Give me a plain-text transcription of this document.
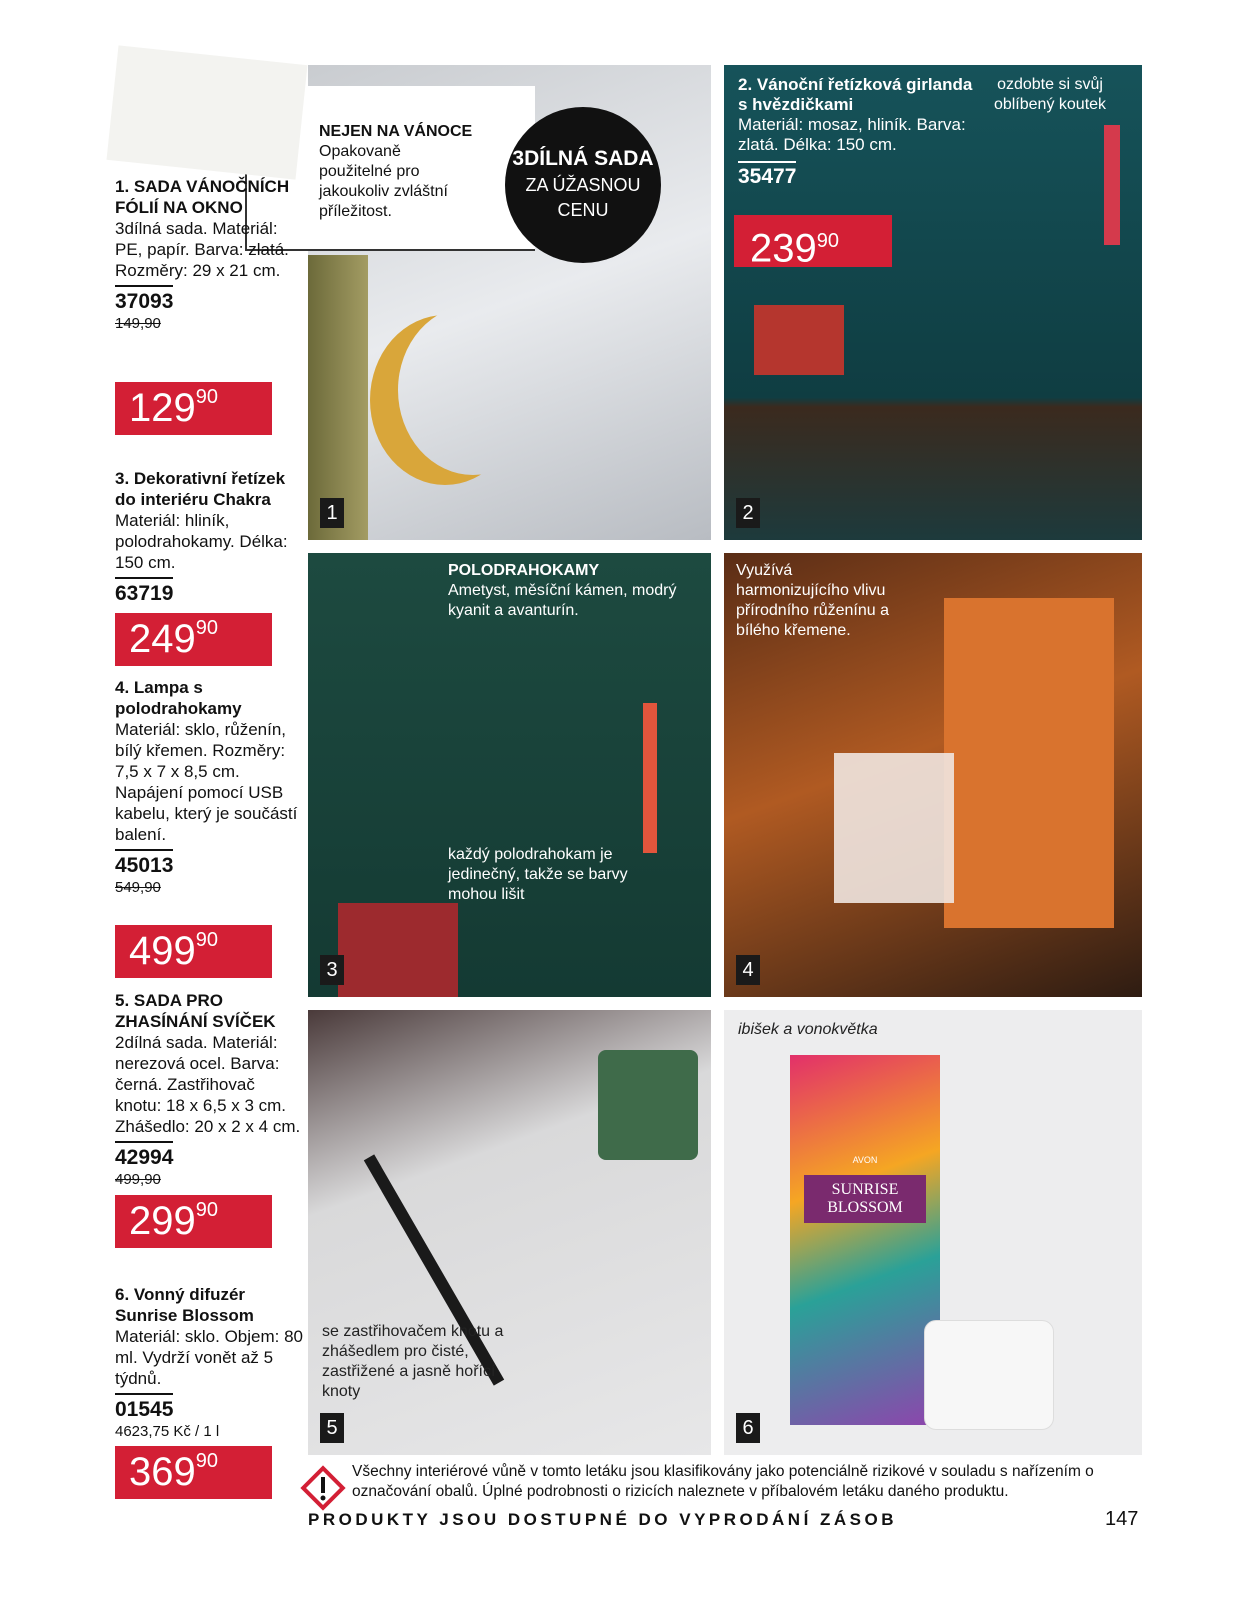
1
2. Vánoční řetízková girlanda s hvězdičkami
Materiál: mosaz, hliník. Barva: zlatá. Délka: 150 cm.
35477
$239^{90}$
ozdobte si svůj oblíbený koutek
2
POLODRAHOKAMY
Ametyst, měsíční kámen, modrý kyanit a avanturín.
každý polodrahokam je jedinečný, takže se barvy mohou lišit
3
Využívá harmonizujícího vlivu přírodního růženínu a bílého křemene.
4
se zastřihovačem knotu a zhášedlem pro čisté, zastřižené a jasně hořící knoty
5
ibišek a vonokvětka
AVON
SUNRISE BLOSSOM
6
NEJEN NA VÁNOCE
Opakovaně použitelné pro jakoukoliv zvláštní příležitost.
3DÍLNÁ SADA
ZA ÚŽASNOU
CENU
1. SADA VÁNOČNÍCH FÓLIÍ NA OKNO
3dílná sada. Materiál: PE, papír. Barva: zlatá. Rozměry: 29 x 21 cm.
37093
149,90
$129^{90}$
3. Dekorativní řetízek do interiéru Chakra
Materiál: hliník, polodrahokamy. Délka: 150 cm.
63719
$249^{90}$
4. Lampa s polodrahokamy
Materiál: sklo, růženín, bílý křemen. Rozměry: 7,5 x 7 x 8,5 cm. Napájení pomocí USB kabelu, který je součástí balení.
45013
549,90
$499^{90}$
5. SADA PRO ZHASÍNÁNÍ SVÍČEK
2dílná sada. Materiál: nerezová ocel. Barva: černá. Zastřihovač knotu: 18 x 6,5 x 3 cm. Zhášedlo: 20 x 2 x 4 cm.
42994
499,90
$299^{90}$
6. Vonný difuzér Sunrise Blossom
Materiál: sklo. Objem: 80 ml. Vydrží vonět až 5 týdnů.
01545
4623,75 Kč / 1 l
$369^{90}$	Všechny interiérové vůně v tomto letáku jsou klasifikovány jako potenciálně rizikové v souladu s nařízením o označování obalů. Úplné podrobnosti o rizicích naleznete v příbalovém letáku daného produktu.
PRODUKTY JSOU DOSTUPNÉ DO VYPRODÁNÍ ZÁSOB	147
